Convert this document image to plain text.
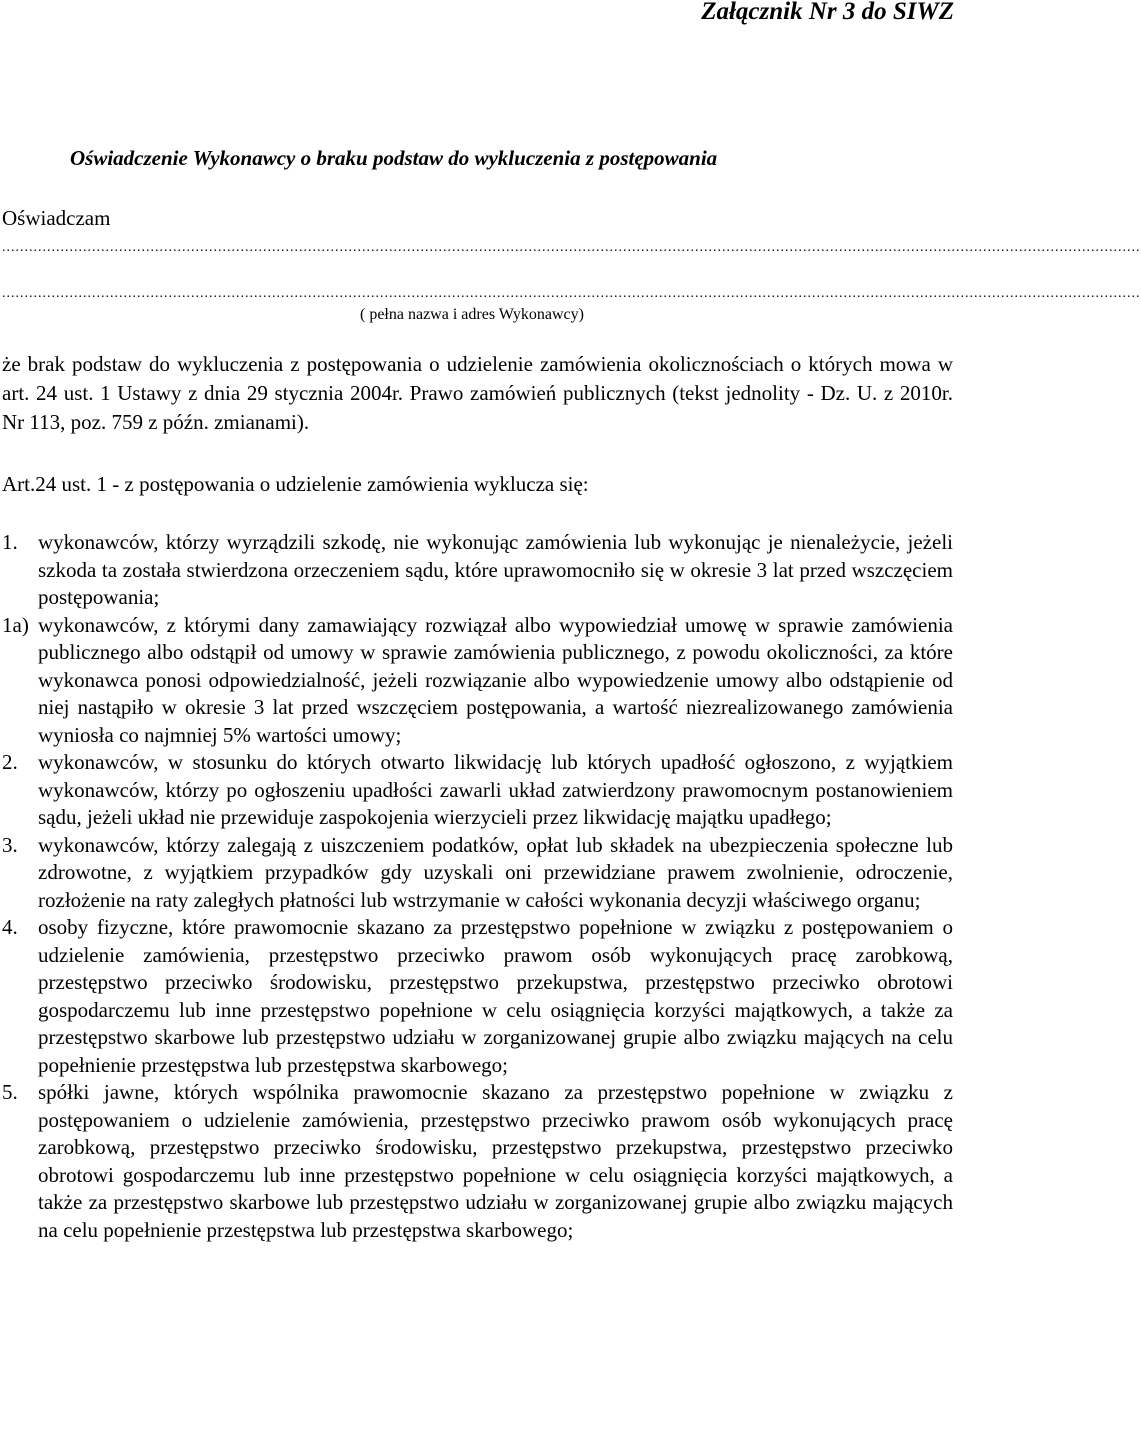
Załącznik Nr 3 do SIWZ
Oświadczenie Wykonawcy o braku podstaw do wykluczenia z postępowania
Oświadczam
.............................................................................................................................................................................................................................................................
.............................................................................................................................................................................................................................................................
( pełna nazwa i adres Wykonawcy)
że brak podstaw do wykluczenia z postępowania o udzielenie zamówienia okolicznościach o których mowa w art. 24 ust. 1 Ustawy z dnia 29 stycznia 2004r. Prawo zamówień publicznych (tekst jednolity - Dz. U. z 2010r. Nr 113, poz. 759 z późn. zmianami).
Art.24 ust. 1 - z postępowania o udzielenie zamówienia wyklucza się:
1. wykonawców, którzy wyrządzili szkodę, nie wykonując zamówienia lub wykonując je nienależycie, jeżeli szkoda ta została stwierdzona orzeczeniem sądu, które uprawomocniło się w okresie 3 lat przed wszczęciem postępowania;
1a) wykonawców, z którymi dany zamawiający rozwiązał albo wypowiedział umowę w sprawie zamówienia publicznego albo odstąpił od umowy w sprawie zamówienia publicznego, z powodu okoliczności, za które wykonawca ponosi odpowiedzialność, jeżeli rozwiązanie albo wypowiedzenie umowy albo odstąpienie od niej nastąpiło w okresie 3 lat przed wszczęciem postępowania, a wartość niezrealizowanego zamówienia wyniosła co najmniej 5% wartości umowy;
2. wykonawców, w stosunku do których otwarto likwidację lub których upadłość ogłoszono, z wyjątkiem wykonawców, którzy po ogłoszeniu upadłości zawarli układ zatwierdzony prawomocnym postanowieniem sądu, jeżeli układ nie przewiduje zaspokojenia wierzycieli przez likwidację majątku upadłego;
3. wykonawców, którzy zalegają z uiszczeniem podatków, opłat lub składek na ubezpieczenia społeczne lub zdrowotne, z wyjątkiem przypadków gdy uzyskali oni przewidziane prawem zwolnienie, odroczenie, rozłożenie na raty zaległych płatności lub wstrzymanie w całości wykonania decyzji właściwego organu;
4. osoby fizyczne, które prawomocnie skazano za przestępstwo popełnione w związku z postępowaniem o udzielenie zamówienia, przestępstwo przeciwko prawom osób wykonujących pracę zarobkową, przestępstwo przeciwko środowisku, przestępstwo przekupstwa, przestępstwo przeciwko obrotowi gospodarczemu lub inne przestępstwo popełnione w celu osiągnięcia korzyści majątkowych, a także za przestępstwo skarbowe lub przestępstwo udziału w zorganizowanej grupie albo związku mających na celu popełnienie przestępstwa lub przestępstwa skarbowego;
5. spółki jawne, których wspólnika prawomocnie skazano za przestępstwo popełnione w związku z postępowaniem o udzielenie zamówienia, przestępstwo przeciwko prawom osób wykonujących pracę zarobkową, przestępstwo przeciwko środowisku, przestępstwo przekupstwa, przestępstwo przeciwko obrotowi gospodarczemu lub inne przestępstwo popełnione w celu osiągnięcia korzyści majątkowych, a także za przestępstwo skarbowe lub przestępstwo udziału w zorganizowanej grupie albo związku mających na celu popełnienie przestępstwa lub przestępstwa skarbowego;
